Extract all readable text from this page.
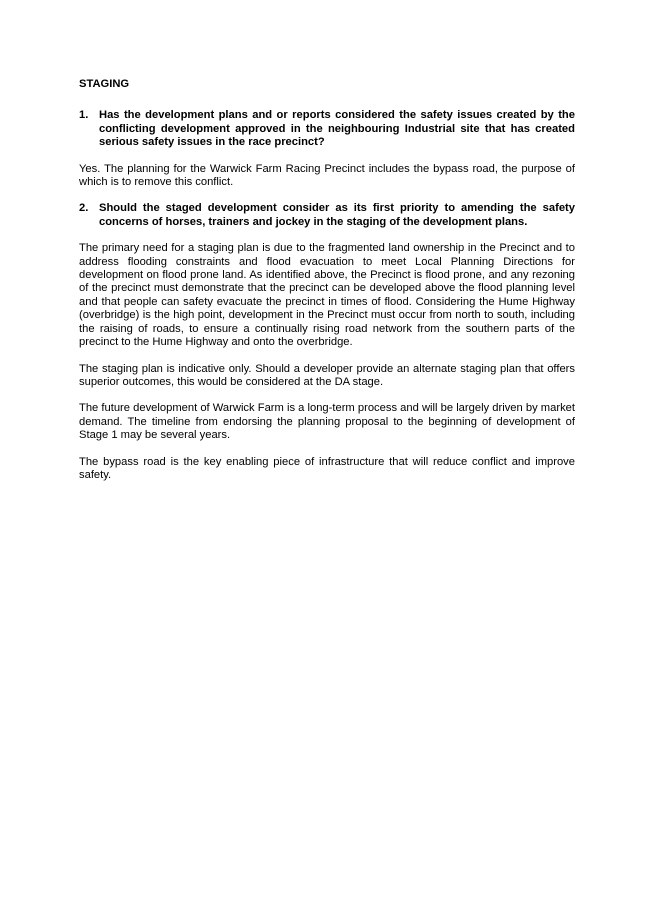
STAGING
1. Has the development plans and or reports considered the safety issues created by the conflicting development approved in the neighbouring Industrial site that has created serious safety issues in the race precinct?

Yes. The planning for the Warwick Farm Racing Precinct includes the bypass road, the purpose of which is to remove this conflict.

2. Should the staged development consider as its first priority to amending the safety concerns of horses, trainers and jockey in the staging of the development plans.

The primary need for a staging plan is due to the fragmented land ownership in the Precinct and to address flooding constraints and flood evacuation to meet Local Planning Directions for development on flood prone land. As identified above, the Precinct is flood prone, and any rezoning of the precinct must demonstrate that the precinct can be developed above the flood planning level and that people can safety evacuate the precinct in times of flood. Considering the Hume Highway (overbridge) is the high point, development in the Precinct must occur from north to south, including the raising of roads, to ensure a continually rising road network from the southern parts of the precinct to the Hume Highway and onto the overbridge.

The staging plan is indicative only. Should a developer provide an alternate staging plan that offers superior outcomes, this would be considered at the DA stage.

The future development of Warwick Farm is a long-term process and will be largely driven by market demand. The timeline from endorsing the planning proposal to the beginning of development of Stage 1 may be several years.

The bypass road is the key enabling piece of infrastructure that will reduce conflict and improve safety.
